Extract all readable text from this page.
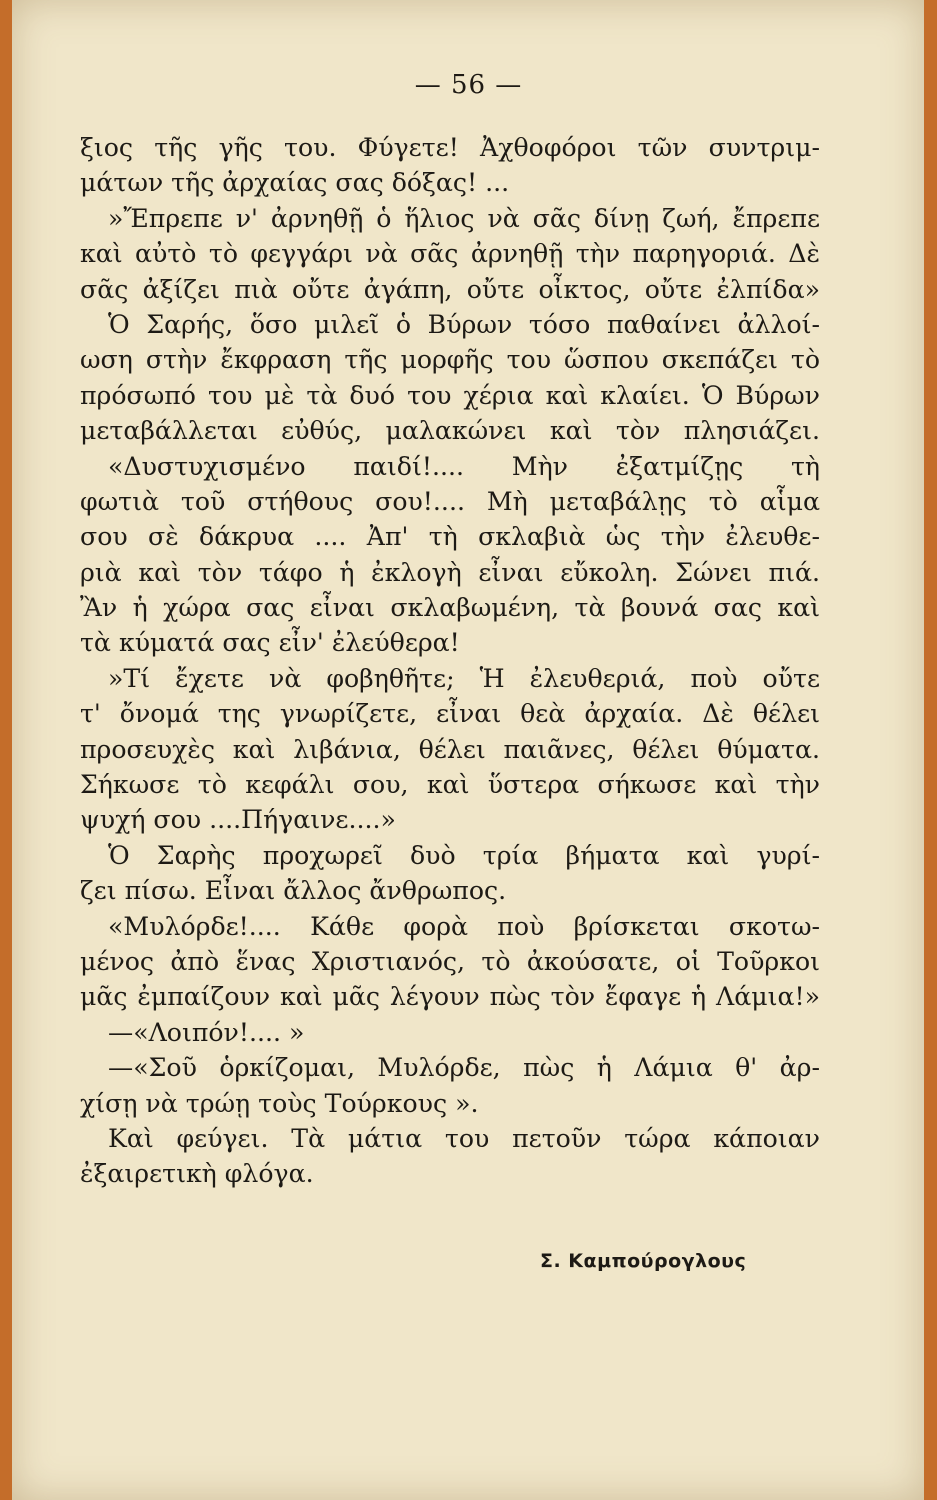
— 56 —
ξιος τῆς γῆς του. Φύγετε! Ἀχθοφόροι τῶν συντριμ-
μάτων τῆς ἀρχαίας σας δόξας! ...
»Ἔπρεπε ν' ἀρνηθῇ ὁ ἥλιος νὰ σᾶς δίνῃ ζωή, ἔπρεπε
καὶ αὐτὸ τὸ φεγγάρι νὰ σᾶς ἀρνηθῇ τὴν παρηγοριά. Δὲ
σᾶς ἀξίζει πιὰ οὔτε ἀγάπη, οὔτε οἶκτος, οὔτε ἐλπίδα»
Ὁ Σαρής, ὅσο μιλεῖ ὁ Βύρων τόσο παθαίνει ἀλλοί-
ωση στὴν ἔκφραση τῆς μορφῆς του ὥσπου σκεπάζει τὸ
πρόσωπό του μὲ τὰ δυό του χέρια καὶ κλαίει. Ὁ Βύρων
μεταβάλλεται εὐθύς, μαλακώνει καὶ τὸν πλησιάζει.
«Δυστυχισμένο παιδί!.... Μὴν ἐξατμίζῃς τὴ
φωτιὰ τοῦ στήθους σου!.... Μὴ μεταβάλῃς τὸ αἷμα
σου σὲ δάκρυα .... Ἀπ' τὴ σκλαβιὰ ὡς τὴν ἐλευθε-
ριὰ καὶ τὸν τάφο ἡ ἐκλογὴ εἶναι εὔκολη. Σώνει πιά.
Ἂν ἡ χώρα σας εἶναι σκλαβωμένη, τὰ βουνά σας καὶ
τὰ κύματά σας εἶν' ἐλεύθερα!
»Τί ἔχετε νὰ φοβηθῆτε; Ἡ ἐλευθεριά, ποὺ οὔτε
τ' ὄνομά της γνωρίζετε, εἶναι θεὰ ἀρχαία. Δὲ θέλει
προσευχὲς καὶ λιβάνια, θέλει παιᾶνες, θέλει θύματα.
Σήκωσε τὸ κεφάλι σου, καὶ ὕστερα σήκωσε καὶ τὴν
ψυχή σου ....Πήγαινε....»
Ὁ Σαρὴς προχωρεῖ δυὸ τρία βήματα καὶ γυρί-
ζει πίσω. Εἶναι ἄλλος ἄνθρωπος.
«Μυλόρδε!.... Κάθε φορὰ ποὺ βρίσκεται σκοτω-
μένος ἀπὸ ἕνας Χριστιανός, τὸ ἀκούσατε, οἱ Τοῦρκοι
μᾶς ἐμπαίζουν καὶ μᾶς λέγουν πὼς τὸν ἔφαγε ἡ Λάμια!»
—«Λοιπόν!.... »
—«Σοῦ ὁρκίζομαι, Μυλόρδε, πὼς ἡ Λάμια θ' ἀρ-
χίσῃ νὰ τρώῃ τοὺς Τούρκους ».
Καὶ φεύγει. Τὰ μάτια του πετοῦν τώρα κάποιαν
ἐξαιρετικὴ φλόγα.
Σ. Καμπούρογλους
